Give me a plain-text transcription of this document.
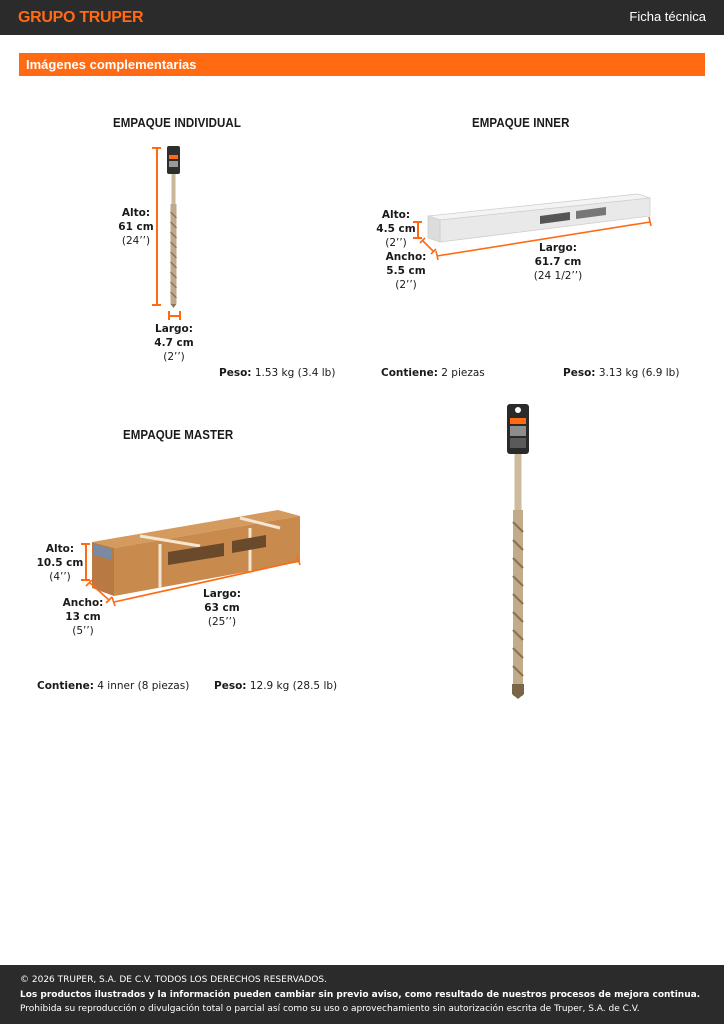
GRUPO TRUPER	Ficha técnica
Imágenes complementarias
EMPAQUE INDIVIDUAL
Alto:
61 cm
(24’’)
Largo:
4.7 cm
(2’’)
Peso: 1.53 kg (3.4 lb)
EMPAQUE INNER
Alto:
4.5 cm
(2’’)
Ancho:
5.5 cm
(2’’)
Largo:
61.7 cm
(24 1/2’’)
Contiene: 2 piezas	Peso: 3.13 kg (6.9 lb)
EMPAQUE MASTER
Alto:
10.5 cm
(4’’)
Ancho:
13 cm
(5’’)
Largo:
63 cm
(25’’)
Contiene: 4 inner (8 piezas) Peso: 12.9 kg (28.5 lb)
© 2026 TRUPER, S.A. DE C.V. TODOS LOS DERECHOS RESERVADOS.
Los productos ilustrados y la información pueden cambiar sin previo aviso, como resultado de nuestros procesos de mejora continua.
Prohibida su reproducción o divulgación total o parcial así como su uso o aprovechamiento sin autorización escrita de Truper, S.A. de C.V.
